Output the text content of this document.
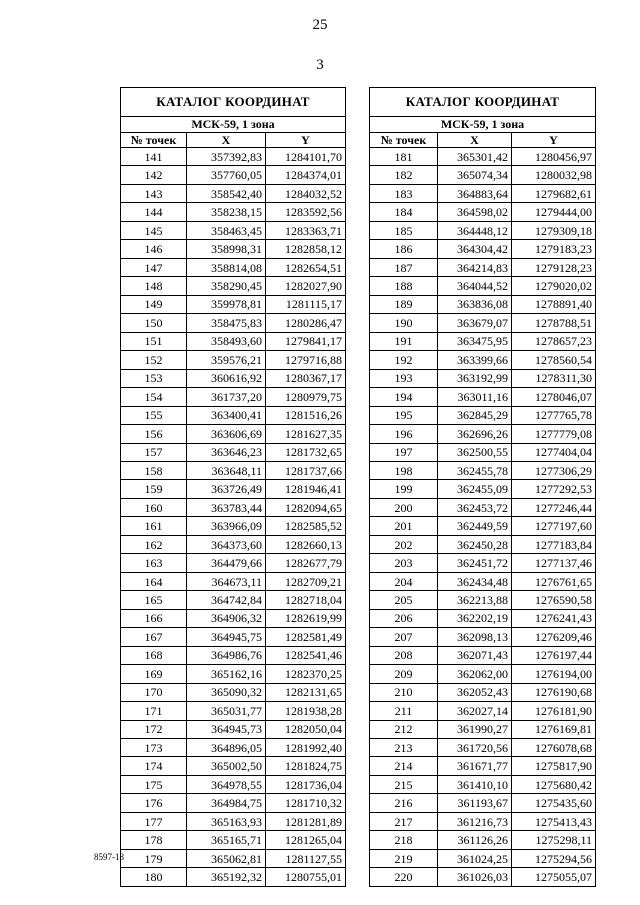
25
3
КАТАЛОГ КООРДИНАТ		
МСК-59, 1 зона		
№ точек	X	Y
141	357392,83	1284101,70
142	357760,05	1284374,01
143	358542,40	1284032,52
144	358238,15	1283592,56
145	358463,45	1283363,71
146	358998,31	1282858,12
147	358814,08	1282654,51
148	358290,45	1282027,90
149	359978,81	1281115,17
150	358475,83	1280286,47
151	358493,60	1279841,17
152	359576,21	1279716,88
153	360616,92	1280367,17
154	361737,20	1280979,75
155	363400,41	1281516,26
156	363606,69	1281627,35
157	363646,23	1281732,65
158	363648,11	1281737,66
159	363726,49	1281946,41
160	363783,44	1282094,65
161	363966,09	1282585,52
162	364373,60	1282660,13
163	364479,66	1282677,79
164	364673,11	1282709,21
165	364742,84	1282718,04
166	364906,32	1282619,99
167	364945,75	1282581,49
168	364986,76	1282541,46
169	365162,16	1282370,25
170	365090,32	1282131,65
171	365031,77	1281938,28
172	364945,73	1282050,04
173	364896,05	1281992,40
174	365002,50	1281824,75
175	364978,55	1281736,04
176	364984,75	1281710,32
177	365163,93	1281281,89
178	365165,71	1281265,04
179	365062,81	1281127,55
180	365192,32	1280755,01
КАТАЛОГ КООРДИНАТ		
МСК-59, 1 зона		
№ точек	X	Y
181	365301,42	1280456,97
182	365074,34	1280032,98
183	364883,64	1279682,61
184	364598,02	1279444,00
185	364448,12	1279309,18
186	364304,42	1279183,23
187	364214,83	1279128,23
188	364044,52	1279020,02
189	363836,08	1278891,40
190	363679,07	1278788,51
191	363475,95	1278657,23
192	363399,66	1278560,54
193	363192,99	1278311,30
194	363011,16	1278046,07
195	362845,29	1277765,78
196	362696,26	1277779,08
197	362500,55	1277404,04
198	362455,78	1277306,29
199	362455,09	1277292,53
200	362453,72	1277246,44
201	362449,59	1277197,60
202	362450,28	1277183,84
203	362451,72	1277137,46
204	362434,48	1276761,65
205	362213,88	1276590,58
206	362202,19	1276241,43
207	362098,13	1276209,46
208	362071,43	1276197,44
209	362062,00	1276194,00
210	362052,43	1276190,68
211	362027,14	1276181,90
212	361990,27	1276169,81
213	361720,56	1276078,68
214	361671,77	1275817,90
215	361410,10	1275680,42
216	361193,67	1275435,60
217	361216,73	1275413,43
218	361126,26	1275298,11
219	361024,25	1275294,56
220	361026,03	1275055,07
8597-18
